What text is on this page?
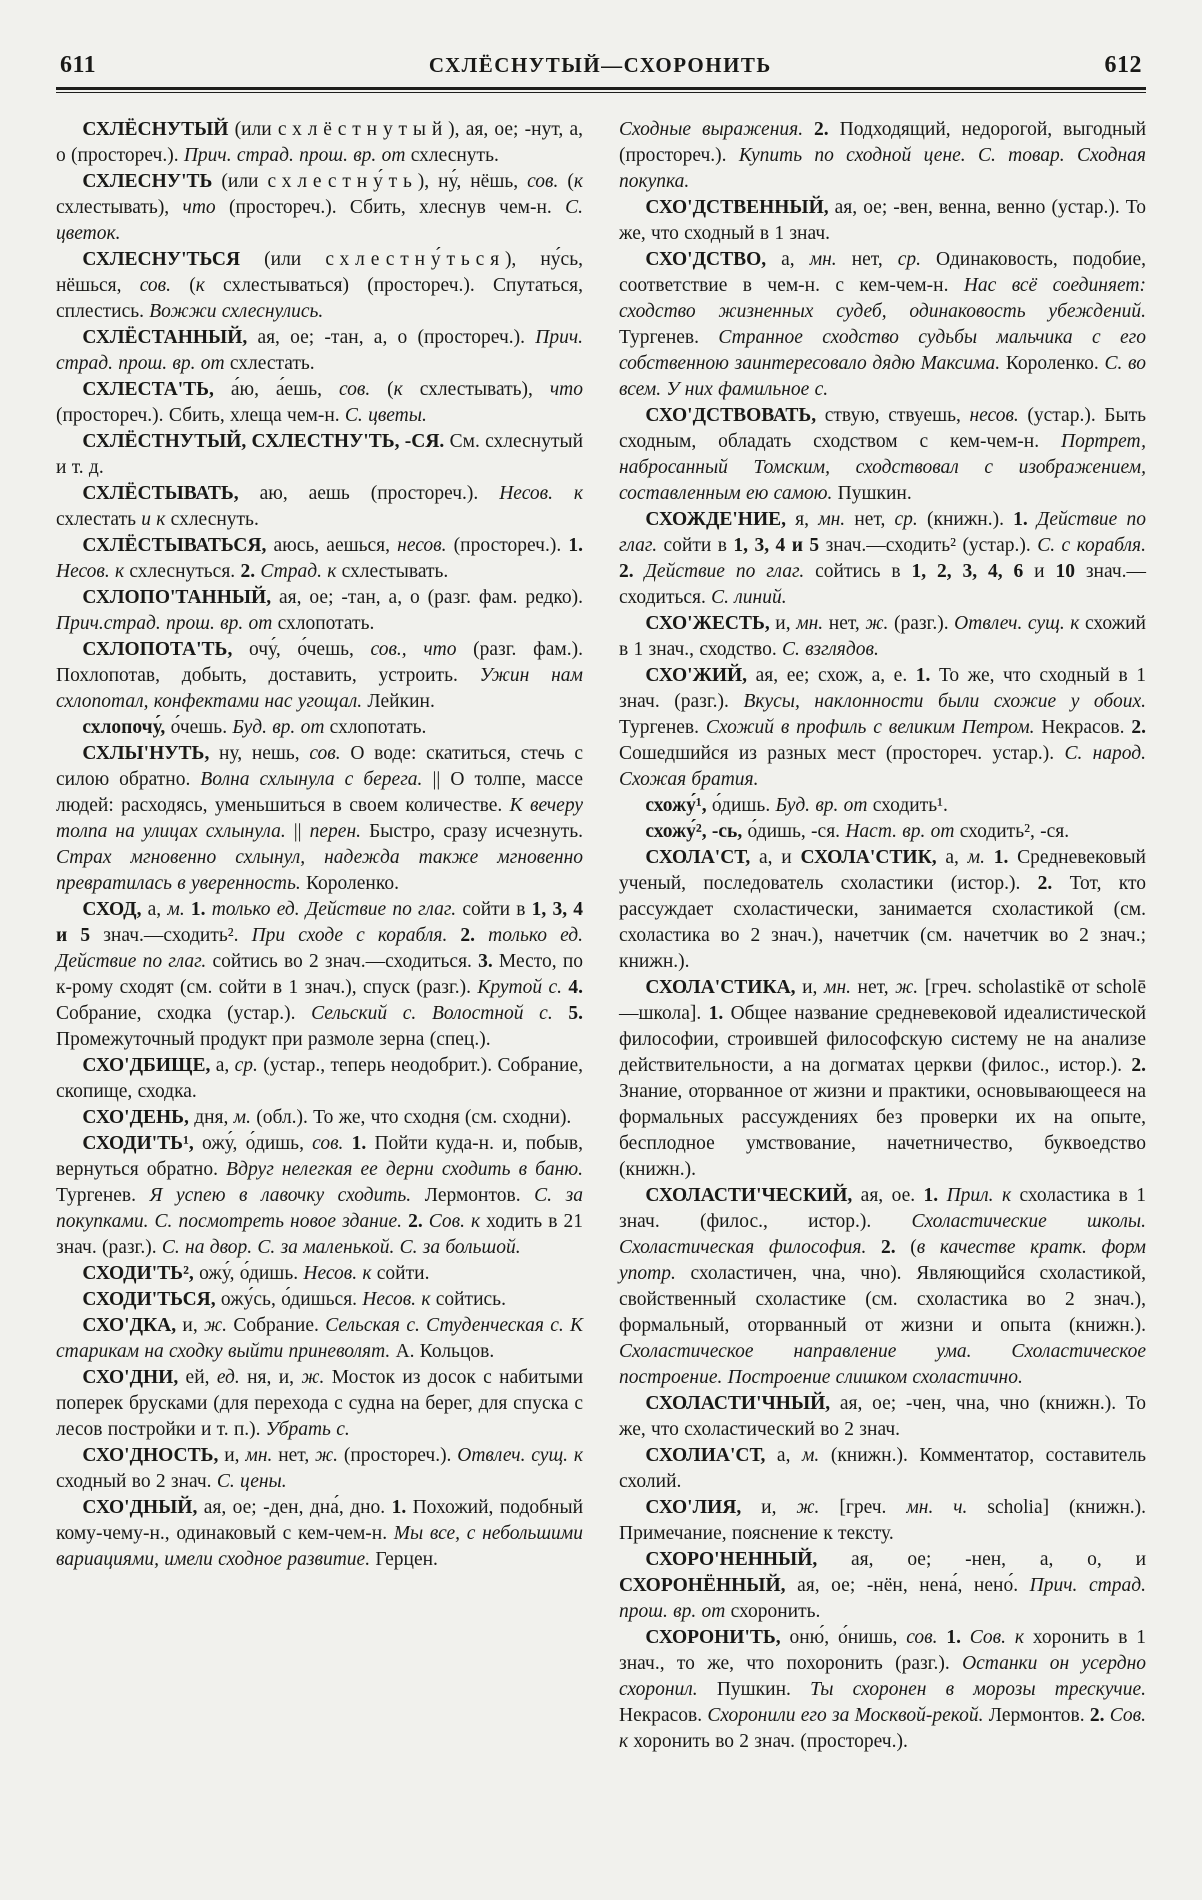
611	СХЛЁСНУТЫЙ—СХОРОНИТЬ	612

СХЛЁСНУТЫЙ (или схлёстнутый), ая, ое; -нут, а, о (простореч.). Прич. страд. прош. вр. от схлеснуть.

СХЛЕСНУ'ТЬ (или схлестну́ть), ну́, нёшь, сов. (к схлестывать), что (простореч.). Сбить, хлеснув чем-н. С. цветок.

СХЛЕСНУ'ТЬСЯ (или схлестну́ться), ну́сь, нёшься, сов. (к схлестываться) (простореч.). Спутаться, сплестись. Вожжи схлеснулись.

СХЛЁСТАННЫЙ, ая, ое; -тан, а, о (простореч.). Прич. страд. прош. вр. от схлестать.

СХЛЕСТА'ТЬ, а́ю, а́ешь, сов. (к схлестывать), что (простореч.). Сбить, хлеща чем-н. С. цветы.

СХЛЁСТНУТЫЙ, СХЛЕСТНУ'ТЬ, -СЯ. См. схлеснутый и т. д.

СХЛЁСТЫВАТЬ, аю, аешь (простореч.). Несов. к схлестать и к схлеснуть.

СХЛЁСТЫВАТЬСЯ, аюсь, аешься, несов. (простореч.). 1. Несов. к схлеснуться. 2. Страд. к схлестывать.

СХЛОПО'ТАННЫЙ, ая, ое; -тан, а, о (разг. фам. редко). Прич.страд. прош. вр. от схлопотать.

СХЛОПОТА'ТЬ, очу́, о́чешь, сов., что (разг. фам.). Похлопотав, добыть, доставить, устроить. Ужин нам схлопотал, конфектами нас угощал. Лейкин.

схлопочу́, о́чешь. Буд. вр. от схлопотать.

СХЛЫ'НУТЬ, ну, нешь, сов. О воде: скатиться, стечь с силою обратно. Волна схлынула с берега. || О толпе, массе людей: расходясь, уменьшиться в своем количестве. К вечеру толпа на улицах схлынула. || перен. Быстро, сразу исчезнуть. Страх мгновенно схлынул, надежда также мгновенно превратилась в уверенность. Короленко.

СХОД, а, м. 1. только ед. Действие по глаг. сойти в 1, 3, 4 и 5 знач.—сходить². При сходе с корабля. 2. только ед. Действие по глаг. сойтись во 2 знач.—сходиться. 3. Место, по к-рому сходят (см. сойти в 1 знач.), спуск (разг.). Крутой с. 4. Собрание, сходка (устар.). Сельский с. Волостной с. 5. Промежуточный продукт при размоле зерна (спец.).

СХО'ДБИЩЕ, а, ср. (устар., теперь неодобрит.). Собрание, скопище, сходка.

СХО'ДЕНЬ, дня, м. (обл.). То же, что сходня (см. сходни).

СХОДИ'ТЬ¹, ожу́, о́дишь, сов. 1. Пойти куда-н. и, побыв, вернуться обратно. Вдруг нелегкая ее дерни сходить в баню. Тургенев. Я успею в лавочку сходить. Лермонтов. С. за покупками. С. посмотреть новое здание. 2. Сов. к ходить в 21 знач. (разг.). С. на двор. С. за маленькой. С. за большой.

СХОДИ'ТЬ², ожу́, о́дишь. Несов. к сойти.

СХОДИ'ТЬСЯ, ожу́сь, о́дишься. Несов. к сойтись.

СХО'ДКА, и, ж. Собрание. Сельская с. Студенческая с. К старикам на сходку выйти приневолят. А. Кольцов.

СХО'ДНИ, ей, ед. ня, и, ж. Мосток из досок с набитыми поперек брусками (для перехода с судна на берег, для спуска с лесов постройки и т. п.). Убрать с.

СХО'ДНОСТЬ, и, мн. нет, ж. (простореч.). Отвлеч. сущ. к сходный во 2 знач. С. цены.

СХО'ДНЫЙ, ая, ое; -ден, дна́, дно. 1. Похожий, подобный кому-чему-н., одинаковый с кем-чем-н. Мы все, с небольшими вариациями, имели сходное развитие. Герцен.

Сходные выражения. 2. Подходящий, недорогой, выгодный (простореч.). Купить по сходной цене. С. товар. Сходная покупка.

СХО'ДСТВЕННЫЙ, ая, ое; -вен, венна, венно (устар.). То же, что сходный в 1 знач.

СХО'ДСТВО, а, мн. нет, ср. Одинаковость, подобие, соответствие в чем-н. с кем-чем-н. Нас всё соединяет: сходство жизненных судеб, одинаковость убеждений. Тургенев. Странное сходство судьбы мальчика с его собственною заинтересовало дядю Максима. Короленко. С. во всем. У них фамильное с.

СХО'ДСТВОВАТЬ, ствую, ствуешь, несов. (устар.). Быть сходным, обладать сходством с кем-чем-н. Портрет, набросанный Томским, сходствовал с изображением, составленным ею самою. Пушкин.

СХОЖДЕ'НИЕ, я, мн. нет, ср. (книжн.). 1. Действие по глаг. сойти в 1, 3, 4 и 5 знач.—сходить² (устар.). С. с корабля. 2. Действие по глаг. сойтись в 1, 2, 3, 4, 6 и 10 знач.—сходиться. С. линий.

СХО'ЖЕСТЬ, и, мн. нет, ж. (разг.). Отвлеч. сущ. к схожий в 1 знач., сходство. С. взглядов.

СХО'ЖИЙ, ая, ее; схож, а, е. 1. То же, что сходный в 1 знач. (разг.). Вкусы, наклонности были схожие у обоих. Тургенев. Схожий в профиль с великим Петром. Некрасов. 2. Сошедшийся из разных мест (простореч. устар.). С. народ. Схожая братия.

схожу́¹, о́дишь. Буд. вр. от сходить¹.

схожу́², -сь, о́дишь, -ся. Наст. вр. от сходить², -ся.

СХОЛА'СТ, а, и СХОЛА'СТИК, а, м. 1. Средневековый ученый, последователь схоластики (истор.). 2. Тот, кто рассуждает схоластически, занимается схоластикой (см. схоластика во 2 знач.), начетчик (см. начетчик во 2 знач.; книжн.).

СХОЛА'СТИКА, и, мн. нет, ж. [греч. scholastikē от scholē—школа]. 1. Общее название средневековой идеалистической философии, строившей философскую систему не на анализе действительности, а на догматах церкви (филос., истор.). 2. Знание, оторванное от жизни и практики, основывающееся на формальных рассуждениях без проверки их на опыте, бесплодное умствование, начетничество, буквоедство (книжн.).

СХОЛАСТИ'ЧЕСКИЙ, ая, ое. 1. Прил. к схоластика в 1 знач. (филос., истор.). Схоластические школы. Схоластическая философия. 2. (в качестве кратк. форм употр. схоластичен, чна, чно). Являющийся схоластикой, свойственный схоластике (см. схоластика во 2 знач.), формальный, оторванный от жизни и опыта (книжн.). Схоластическое направление ума. Схоластическое построение. Построение слишком схоластично.

СХОЛАСТИ'ЧНЫЙ, ая, ое; -чен, чна, чно (книжн.). То же, что схоластический во 2 знач.

СХОЛИА'СТ, а, м. (книжн.). Комментатор, составитель схолий.

СХО'ЛИЯ, и, ж. [греч. мн. ч. scholia] (книжн.). Примечание, пояснение к тексту.

СХОРО'НЕННЫЙ, ая, ое; -нен, а, о, и СХОРОНЁННЫЙ, ая, ое; -нён, нена́, нено́. Прич. страд. прош. вр. от схоронить.

СХОРОНИ'ТЬ, оню́, о́нишь, сов. 1. Сов. к хоронить в 1 знач., то же, что похоронить (разг.). Останки он усердно схоронил. Пушкин. Ты схоронен в морозы трескучие. Некрасов. Схоронили его за Москвой-рекой. Лермонтов. 2. Сов. к хоронить во 2 знач. (простореч.).
